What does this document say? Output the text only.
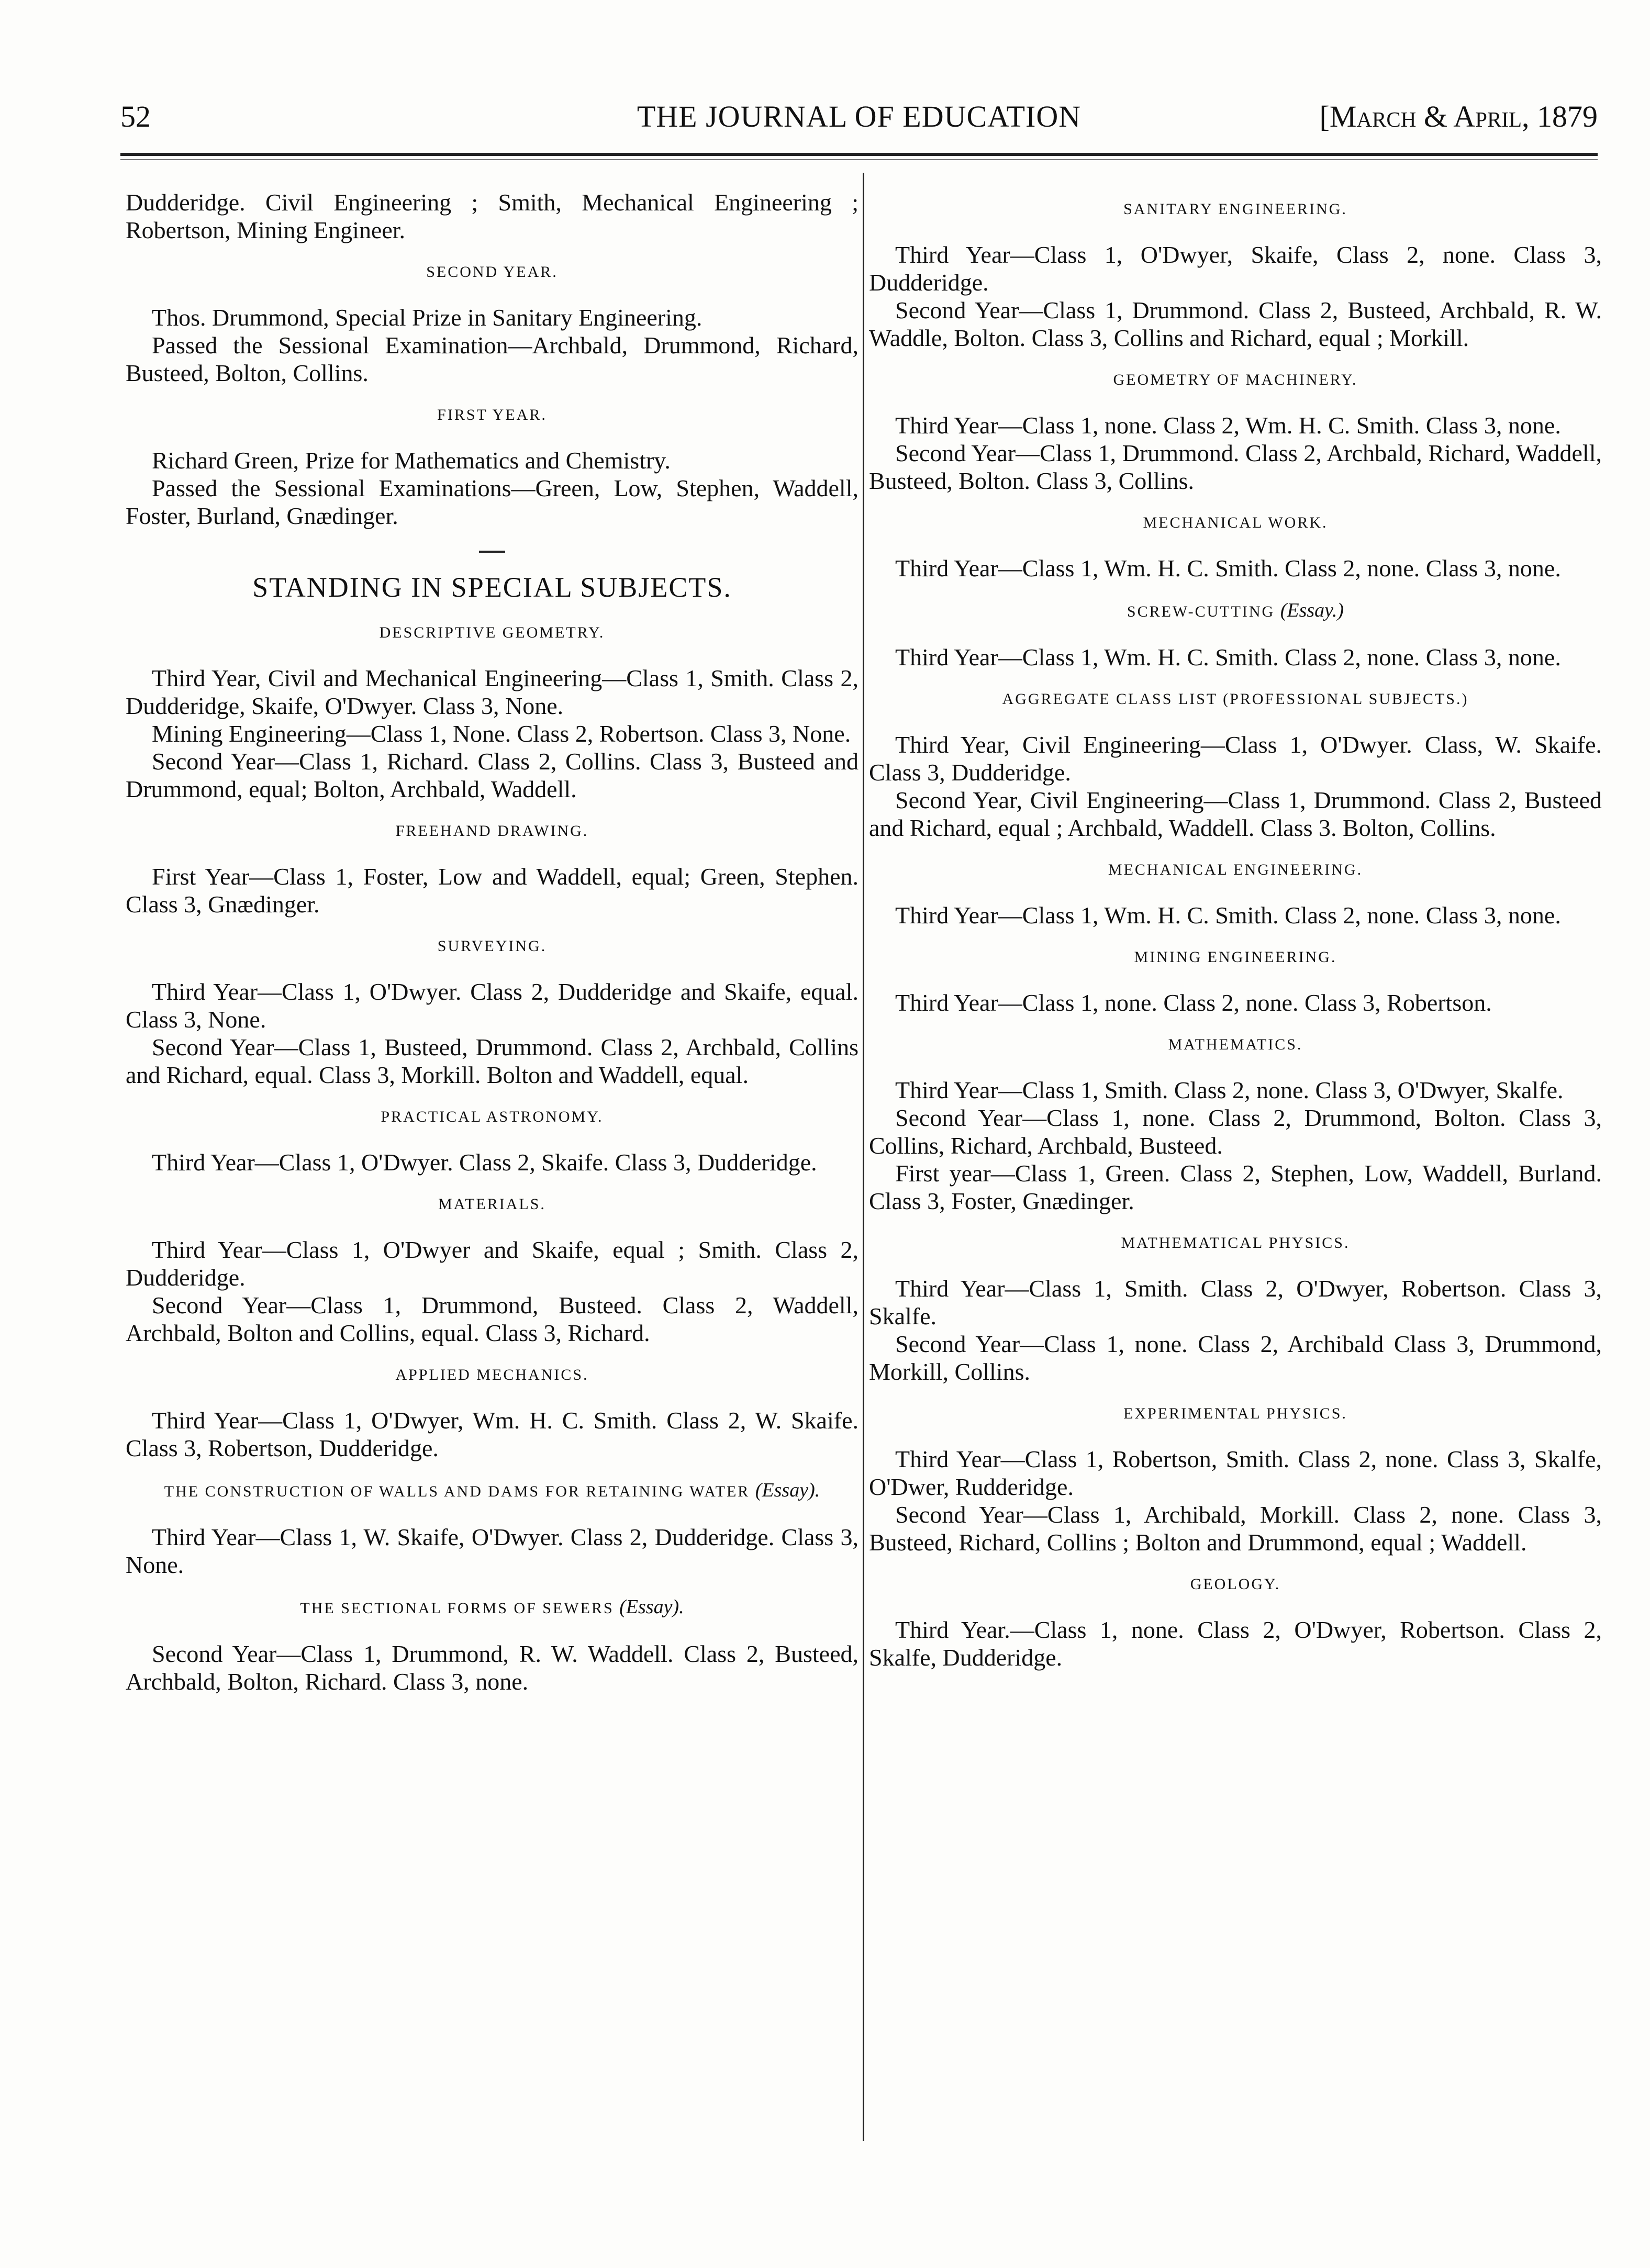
52	THE JOURNAL OF EDUCATION	[March & April, 1879

Dudderidge. Civil Engineering ; Smith, Mechanical Engineering ; Robertson, Mining Engineer.

SECOND YEAR.

Thos. Drummond, Special Prize in Sanitary Engineering.

Passed the Sessional Examination—Archbald, Drummond, Richard, Busteed, Bolton, Collins.

FIRST YEAR.

Richard Green, Prize for Mathematics and Chemistry.

Passed the Sessional Examinations—Green, Low, Stephen, Waddell, Foster, Burland, Gnædinger.

STANDING IN SPECIAL SUBJECTS.
DESCRIPTIVE GEOMETRY.

Third Year, Civil and Mechanical Engineering—Class 1, Smith. Class 2, Dudderidge, Skaife, O'Dwyer. Class 3, None.

Mining Engineering—Class 1, None. Class 2, Robertson. Class 3, None.

Second Year—Class 1, Richard. Class 2, Collins. Class 3, Busteed and Drummond, equal; Bolton, Archbald, Waddell.

FREEHAND DRAWING.

First Year—Class 1, Foster, Low and Waddell, equal; Green, Stephen. Class 3, Gnædinger.

SURVEYING.

Third Year—Class 1, O'Dwyer. Class 2, Dudderidge and Skaife, equal. Class 3, None.

Second Year—Class 1, Busteed, Drummond. Class 2, Archbald, Collins and Richard, equal. Class 3, Morkill. Bolton and Waddell, equal.

PRACTICAL ASTRONOMY.

Third Year—Class 1, O'Dwyer. Class 2, Skaife. Class 3, Dudderidge.

MATERIALS.

Third Year—Class 1, O'Dwyer and Skaife, equal ; Smith. Class 2, Dudderidge.

Second Year—Class 1, Drummond, Busteed. Class 2, Waddell, Archbald, Bolton and Collins, equal. Class 3, Richard.

APPLIED MECHANICS.

Third Year—Class 1, O'Dwyer, Wm. H. C. Smith. Class 2, W. Skaife. Class 3, Robertson, Dudderidge.

THE CONSTRUCTION OF WALLS AND DAMS FOR RETAINING WATER (Essay).

Third Year—Class 1, W. Skaife, O'Dwyer. Class 2, Dudderidge. Class 3, None.

THE SECTIONAL FORMS OF SEWERS (Essay).

Second Year—Class 1, Drummond, R. W. Waddell. Class 2, Busteed, Archbald, Bolton, Richard. Class 3, none.

SANITARY ENGINEERING.

Third Year—Class 1, O'Dwyer, Skaife, Class 2, none. Class 3, Dudderidge.

Second Year—Class 1, Drummond. Class 2, Busteed, Archbald, R. W. Waddle, Bolton. Class 3, Collins and Richard, equal ; Morkill.

GEOMETRY OF MACHINERY.

Third Year—Class 1, none. Class 2, Wm. H. C. Smith. Class 3, none.

Second Year—Class 1, Drummond. Class 2, Archbald, Richard, Waddell, Busteed, Bolton. Class 3, Collins.

MECHANICAL WORK.

Third Year—Class 1, Wm. H. C. Smith. Class 2, none. Class 3, none.

SCREW-CUTTING (Essay.)

Third Year—Class 1, Wm. H. C. Smith. Class 2, none. Class 3, none.

AGGREGATE CLASS LIST (PROFESSIONAL SUBJECTS.)

Third Year, Civil Engineering—Class 1, O'Dwyer. Class, W. Skaife. Class 3, Dudderidge.

Second Year, Civil Engineering—Class 1, Drummond. Class 2, Busteed and Richard, equal ; Archbald, Waddell. Class 3. Bolton, Collins.

MECHANICAL ENGINEERING.

Third Year—Class 1, Wm. H. C. Smith. Class 2, none. Class 3, none.

MINING ENGINEERING.

Third Year—Class 1, none. Class 2, none. Class 3, Robertson.

MATHEMATICS.

Third Year—Class 1, Smith. Class 2, none. Class 3, O'Dwyer, Skalfe.

Second Year—Class 1, none. Class 2, Drummond, Bolton. Class 3, Collins, Richard, Archbald, Busteed.

First year—Class 1, Green. Class 2, Stephen, Low, Waddell, Burland. Class 3, Foster, Gnædinger.

MATHEMATICAL PHYSICS.

Third Year—Class 1, Smith. Class 2, O'Dwyer, Robertson. Class 3, Skalfe.

Second Year—Class 1, none. Class 2, Archibald Class 3, Drummond, Morkill, Collins.

EXPERIMENTAL PHYSICS.

Third Year—Class 1, Robertson, Smith. Class 2, none. Class 3, Skalfe, O'Dwer, Rudderidge.

Second Year—Class 1, Archibald, Morkill. Class 2, none. Class 3, Busteed, Richard, Collins ; Bolton and Drummond, equal ; Waddell.

GEOLOGY.

Third Year.—Class 1, none. Class 2, O'Dwyer, Robertson. Class 2, Skalfe, Dudderidge.
